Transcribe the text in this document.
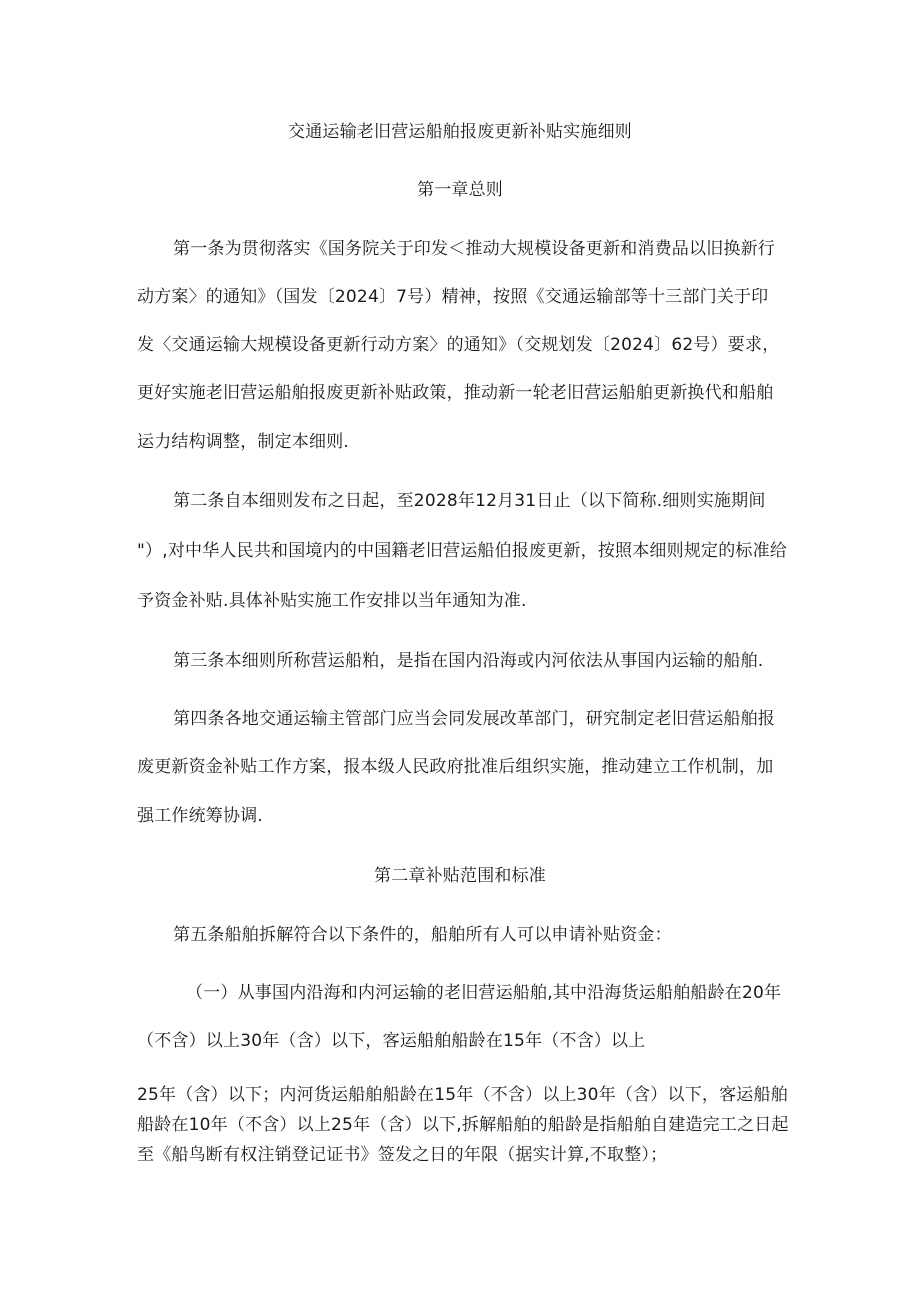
交通运输老旧营运船舶报废更新补贴实施细则
第一章总则
第一条为贯彻落实《国务院关于印发＜推动大规模设备更新和消费品以旧换新行
动方案〉的通知》（国发〔2024〕7号）精神，按照《交通运输部等十三部门关于印
发〈交通运输大规模设备更新行动方案〉的通知》（交规划发〔2024〕62号）要求，
更好实施老旧营运船舶报废更新补贴政策，推动新一轮老旧营运船舶更新换代和船舶
运力结构调整，制定本细则.
第二条自本细则发布之日起，至2028年12月31日止（以下简称.细则实施期间
"）,对中华人民共和国境内的中国籍老旧营运船伯报废更新，按照本细则规定的标准给
予资金补贴.具体补贴实施工作安排以当年通知为准.
第三条本细则所称营运船粕，是指在国内沿海或内河依法从事国内运输的船舶.
第四条各地交通运输主管部门应当会同发展改革部门，研究制定老旧营运船舶报
废更新资金补贴工作方案，报本级人民政府批准后组织实施，推动建立工作机制，加
强工作统筹协调.
第二章补贴范围和标准
第五条船舶拆解符合以下条件的，船舶所有人可以申请补贴资金：
（一）从事国内沿海和内河运输的老旧营运船舶,其中沿海货运船舶船龄在20年
（不含）以上30年（含）以下，客运船舶船龄在15年（不含）以上
25年（含）以下；内河货运船舶船龄在15年（不含）以上30年（含）以下，客运船舶
船龄在10年（不含）以上25年（含）以下,拆解船舶的船龄是指船舶自建造完工之日起
至《船鸟断有权注销登记证书》签发之日的年限（据实计算,不取整）；
